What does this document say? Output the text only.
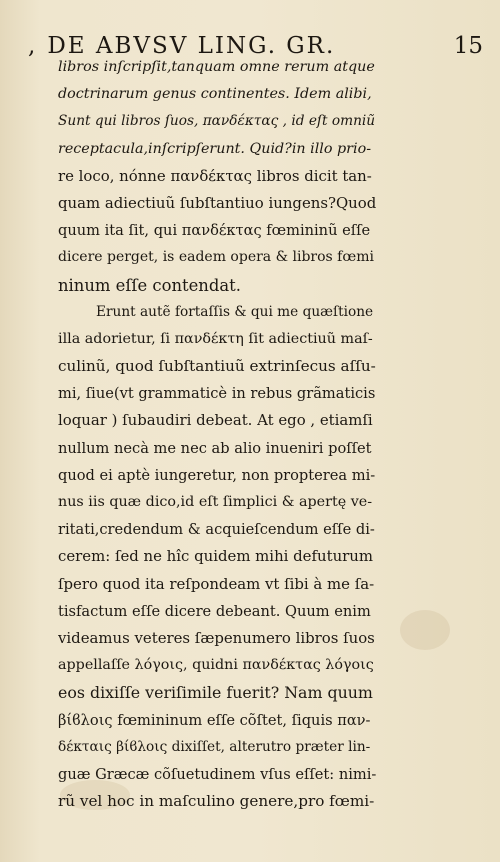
, DE ABVSV LING. GR.	15
libros inſcripſit,tanquam omne rerum atque
doctrinarum genus continentes. Idem alibi,
Sunt qui libros ſuos, πανδέκτας , id eſt omniũ
receptacula,inſcripſerunt. Quid?in illo prio-
re loco, nónne πανδέκτας libros dicit tan-
quam adiectiuũ ſubſtantiuo iungens?Quod
quum ita ſit, qui πανδέκτας fœmininũ eſſe
dicere perget, is eadem opera & libros fœmi
ninum eſſe contendat.
Erunt autẽ fortaſſis & qui me quæſtione
illa adorietur, ſi πανδέκτη ſit adiectiuũ maſ-
culinũ, quod ſubſtantiuũ extrinſecus aſſu-
mi, ſiue(vt grammaticè in rebus grãmaticis
loquar ) ſubaudiri debeat. At ego , etiamſi
nullum necà me nec ab alio inueniri poſſet
quod ei aptè iungeretur, non propterea mi-
nus iis quæ dico,id eſt ſimplici & apertę ve-
ritati,credendum & acquieſcendum eſſe di-
cerem: ſed ne hîc quidem mihi defuturum
ſpero quod ita reſpondeam vt ſibi à me ſa-
tisfactum eſſe dicere debeant. Quum enim
videamus veteres ſæpenumero libros ſuos
appellaſſe λόγοις, quidni πανδέκτας λόγοις
eos dixiſſe veriſimile fuerit? Nam quum
βίϐλοις fœmininum eſſe cõſtet, ſiquis παν-
δέκταις βίϐλοις dixiſſet, alterutro præter lin-
guæ Græcæ cõſuetudinem vſus eſſet: nimi-
rũ vel hoc in maſculino genere,pro fœmi-
